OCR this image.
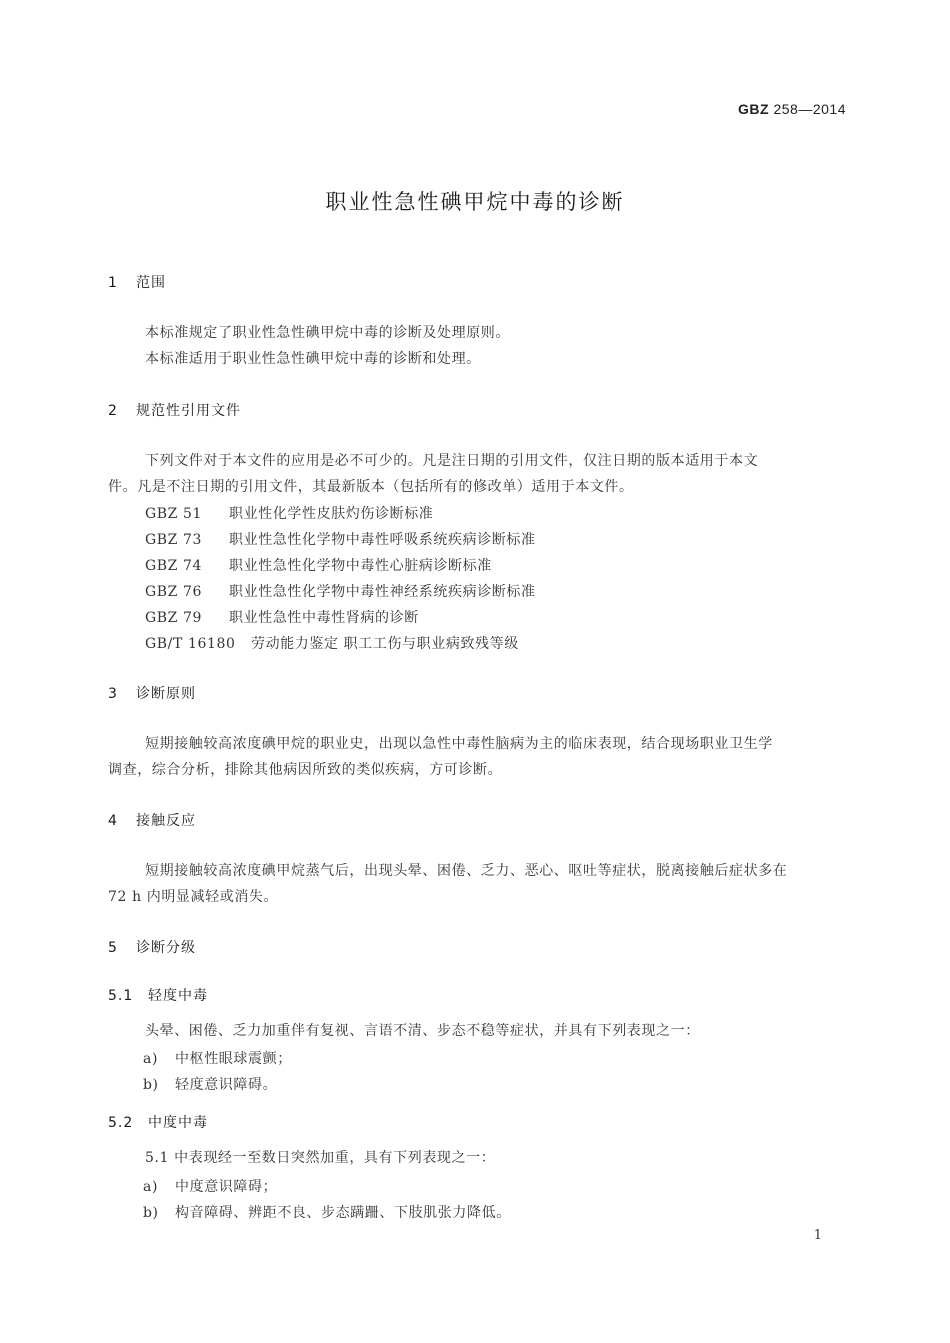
GBZ 258—2014
职业性急性碘甲烷中毒的诊断
1 范围
本标准规定了职业性急性碘甲烷中毒的诊断及处理原则。
本标准适用于职业性急性碘甲烷中毒的诊断和处理。
2 规范性引用文件
下列文件对于本文件的应用是必不可少的。凡是注日期的引用文件，仅注日期的版本适用于本文
件。凡是不注日期的引用文件，其最新版本（包括所有的修改单）适用于本文件。
GBZ 51 职业性化学性皮肤灼伤诊断标准
GBZ 73 职业性急性化学物中毒性呼吸系统疾病诊断标准
GBZ 74 职业性急性化学物中毒性心脏病诊断标准
GBZ 76 职业性急性化学物中毒性神经系统疾病诊断标准
GBZ 79 职业性急性中毒性肾病的诊断
GB/T 16180 劳动能力鉴定 职工工伤与职业病致残等级
3 诊断原则
短期接触较高浓度碘甲烷的职业史，出现以急性中毒性脑病为主的临床表现，结合现场职业卫生学
调查，综合分析，排除其他病因所致的类似疾病，方可诊断。
4 接触反应
短期接触较高浓度碘甲烷蒸气后，出现头晕、困倦、乏力、恶心、呕吐等症状，脱离接触后症状多在
72 h 内明显减轻或消失。
5 诊断分级
5.1 轻度中毒
头晕、困倦、乏力加重伴有复视、言语不清、步态不稳等症状，并具有下列表现之一：
a) 中枢性眼球震颤；
b) 轻度意识障碍。
5.2 中度中毒
5.1 中表现经一至数日突然加重，具有下列表现之一：
a) 中度意识障碍；
b) 构音障碍、辨距不良、步态蹒跚、下肢肌张力降低。
1
